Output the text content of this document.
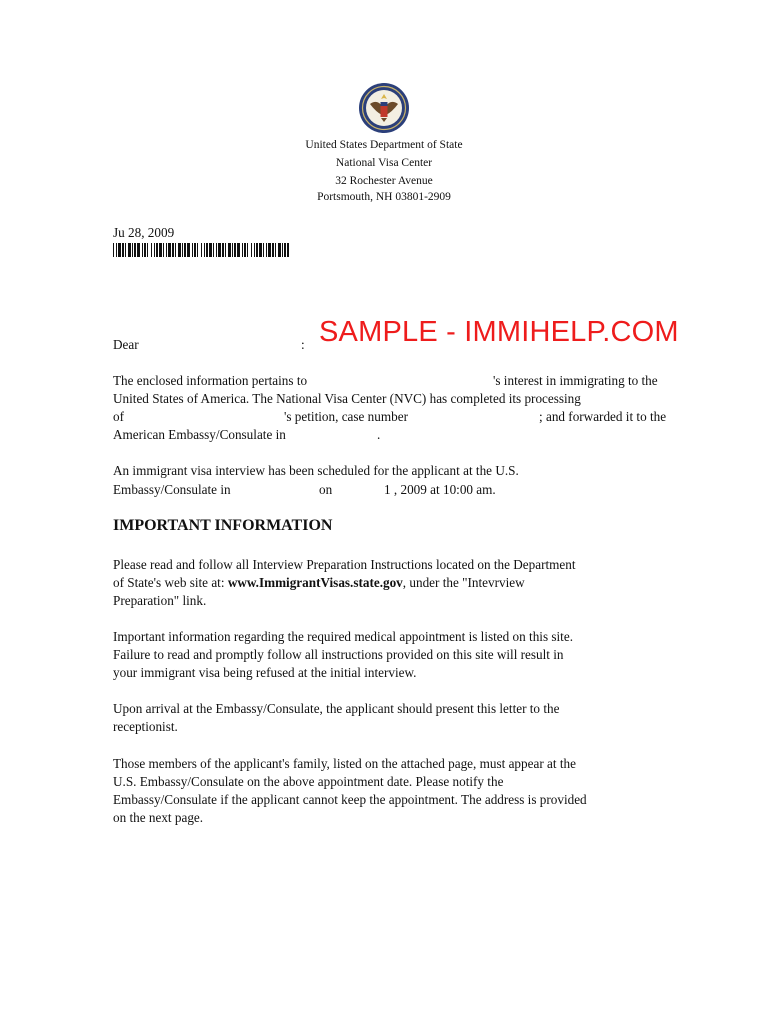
United States Department of State
National Visa Center
32 Rochester Avenue
Portsmouth, NH 03801-2909
Ju 28, 2009
Dear	: SAMPLE - IMMIHELP.COM
The enclosed information pertains to	's interest in immigrating to the
United States of America. The National Visa Center (NVC) has completed its processing
of	's petition, case number	; and forwarded it to the
American Embassy/Consulate in	.
An immigrant visa interview has been scheduled for the applicant at the U.S.
Embassy/Consulate in	on	1 , 2009 at 10:00 am.
IMPORTANT INFORMATION
Please read and follow all Interview Preparation Instructions located on the Department
of State's web site at: www.ImmigrantVisas.state.gov, under the "Intevrview
Preparation" link.
Important information regarding the required medical appointment is listed on this site.
Failure to read and promptly follow all instructions provided on this site will result in
your immigrant visa being refused at the initial interview.
Upon arrival at the Embassy/Consulate, the applicant should present this letter to the
receptionist.
Those members of the applicant's family, listed on the attached page, must appear at the
U.S. Embassy/Consulate on the above appointment date. Please notify the
Embassy/Consulate if the applicant cannot keep the appointment. The address is provided
on the next page.
